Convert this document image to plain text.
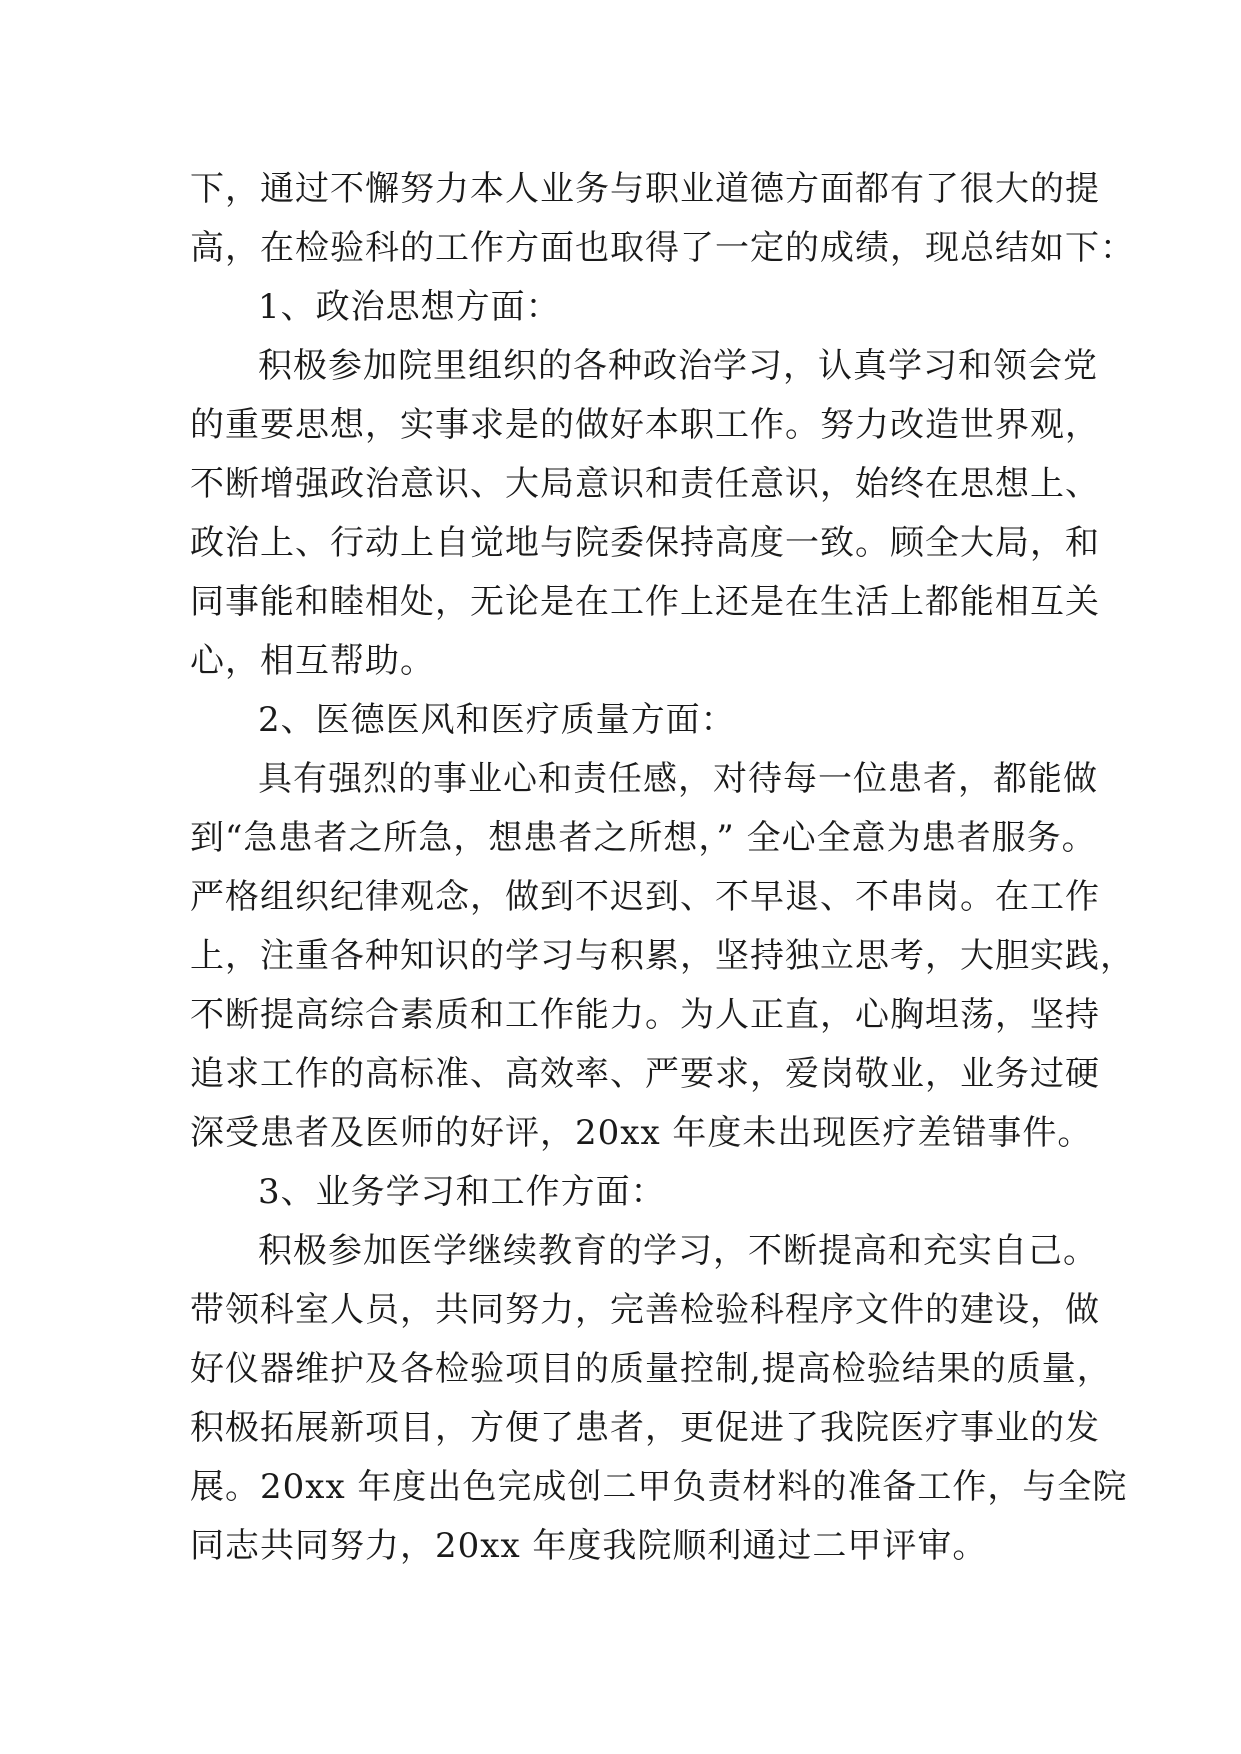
下，通过不懈努力本人业务与职业道德方面都有了很大的提
高，在检验科的工作方面也取得了一定的成绩，现总结如下：
1、政治思想方面：
积极参加院里组织的各种政治学习，认真学习和领会党
的重要思想，实事求是的做好本职工作。努力改造世界观，
不断增强政治意识、大局意识和责任意识，始终在思想上、
政治上、行动上自觉地与院委保持高度一致。顾全大局，和
同事能和睦相处，无论是在工作上还是在生活上都能相互关
心，相互帮助。
2、医德医风和医疗质量方面：
具有强烈的事业心和责任感，对待每一位患者，都能做
到“急患者之所急，想患者之所想，” 全心全意为患者服务。
严格组织纪律观念，做到不迟到、不早退、不串岗。在工作
上，注重各种知识的学习与积累，坚持独立思考，大胆实践，
不断提高综合素质和工作能力。为人正直，心胸坦荡，坚持
追求工作的高标准、高效率、严要求，爱岗敬业，业务过硬
深受患者及医师的好评，20xx 年度未出现医疗差错事件。
3、业务学习和工作方面：
积极参加医学继续教育的学习，不断提高和充实自己。
带领科室人员，共同努力，完善检验科程序文件的建设，做
好仪器维护及各检验项目的质量控制,提高检验结果的质量，
积极拓展新项目，方便了患者，更促进了我院医疗事业的发
展。20xx 年度出色完成创二甲负责材料的准备工作，与全院
同志共同努力，20xx 年度我院顺利通过二甲评审。
